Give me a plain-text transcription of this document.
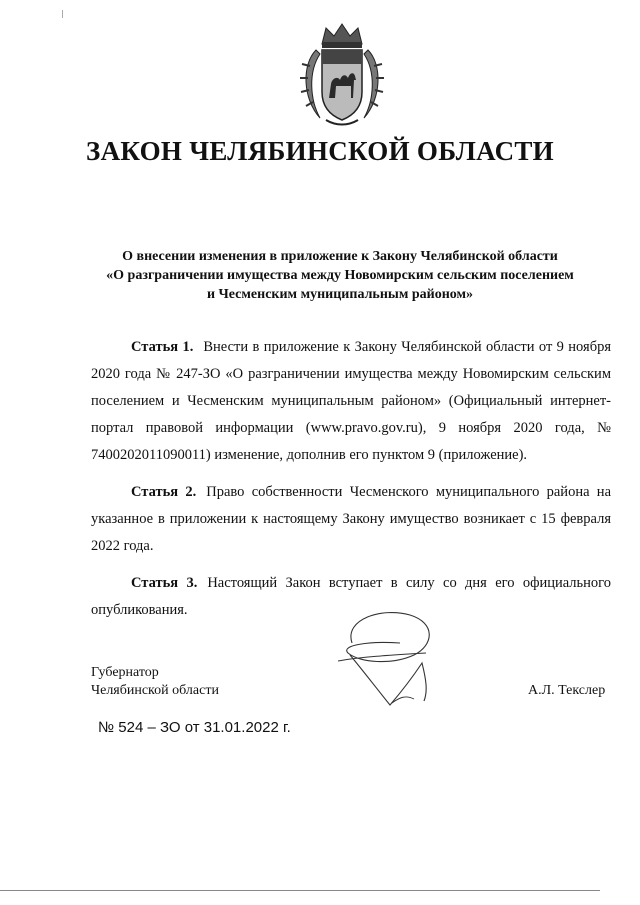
ЗАКОН ЧЕЛЯБИНСКОЙ ОБЛАСТИ
О внесении изменения в приложение к Закону Челябинской области
«О разграничении имущества между Новомирским сельским поселением
и Чесменским муниципальным районом»

Статья 1. Внести в приложение к Закону Челябинской области от 9 ноября 2020 года № 247-ЗО «О разграничении имущества между Новомирским сельским поселением и Чесменским муниципальным районом» (Официальный интернет-портал правовой информации (www.pravo.gov.ru), 9 ноября 2020 года, № 7400202011090011) изменение, дополнив его пунктом 9 (приложение).

Статья 2. Право собственности Чесменского муниципального района на указанное в приложении к настоящему Закону имущество возникает с 15 февраля 2022 года.

Статья 3. Настоящий Закон вступает в силу со дня его официального опубликования.

Губернатор
Челябинской области	А.Л. Текслер
№ 524 – ЗО от 31.01.2022 г.
